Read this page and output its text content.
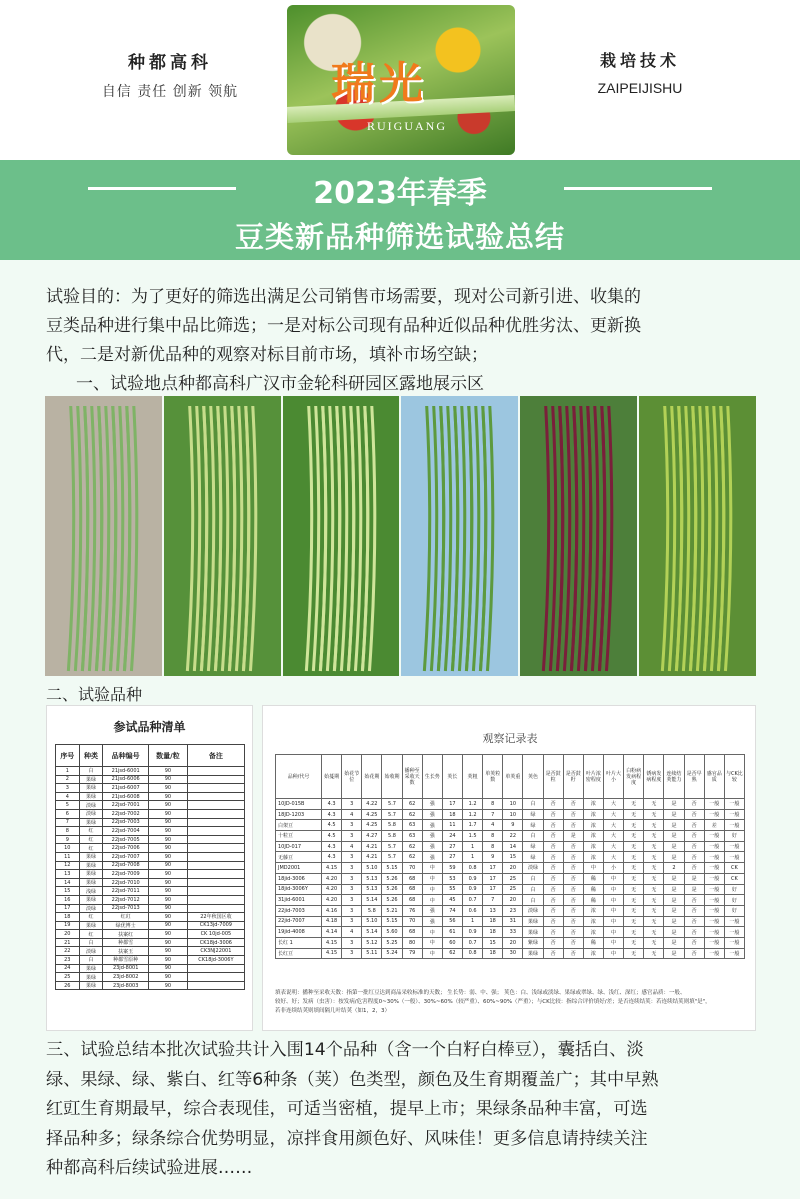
种都高科
自信 责任 创新 领航	瑞光
RUIGUANG
栽培技术
ZAIPEIJISHU
2023年春季
豆类新品种筛选试验总结
试验目的：为了更好的筛选出满足公司销售市场需要，现对公司新引进、收集的
豆类品种进行集中品比筛选；一是对标公司现有品种近似品种优胜劣汰、更新换
代，二是对新优品种的观察对标目前市场，填补市场空缺；
一、试验地点种都高科广汉市金轮科研园区露地展示区
二、试验品种
参试品种清单
序号	种类	品种编号	数量/粒	备注
1	白	21jsd-6001	90	
2	果绿	21jsd-6006	90	
3	果绿	21jsd-6007	90	
4	果绿	21jsd-6008	90	
5	淡绿	22jsd-7001	90	
6	淡绿	22jsd-7002	90	
7	果绿	22jsd-7003	90	
8	红	22jsd-7004	90	
9	红	22jsd-7005	90	
10	红	22jsd-7006	90	
11	果绿	22jsd-7007	90	
12	果绿	22jsd-7008	90	
13	果绿	22jsd-7009	90	
14	果绿	22jsd-7010	90	
15	浅绿	22jsd-7011	90	
16	果绿	22jsd-7012	90	
17	淡绿	22jsd-7013	90	
18	红	红豇	90	22年秋国区收
19	果绿	绿优博士	90	CK13jd-7009
20	红	扶案红	90	CK 10jd-005
21	白	种都雪	90	CK18jd-3006
22	淡绿	扶案玉	90	CK3NJ22001
23	白	种都雪原种	90	CK18jd-3006Y
24	果绿	23jd-8001	90	
25	果绿	23jd-8002	90	
26	果绿	23jd-8003	90	
观察记录表
品种/代号	始蔓期	始花节位	始花期	始收期	播种至采收天数	生长势	荚长	荚粗	单荚粒数	单荚重	荚色	是否鼓粒	是否鼓籽	叶片浓密程度	叶片大小	白粉病发病程度	锈病发病程度	连续结荚能力	是否早熟	感官品质	与CK比较
10JD-015B	4.3	3	4.22	5.7	62	强	17	1.2	8	10	白	否	否	浓	大	无	无	是	否	一般	一般
18JD-1203	4.3	4	4.25	5.7	62	强	18	1.2	7	10	绿	否	否	浓	大	无	无	是	否	一般	一般
白架豆	4.5	3	4.25	5.8	63	强	11	1.7	4	9	绿	否	否	浓	大	无	无	是	否	差	一般
十粒豆	4.5	3	4.27	5.8	63	强	24	1.5	8	22	白	否	是	浓	大	无	无	是	否	一般	好
10JD-017	4.3	4	4.21	5.7	62	强	27	1	8	14	绿	否	否	浓	大	无	无	是	否	一般	一般
无藤豆	4.3	3	4.21	5.7	62	强	27	1	9	15	绿	否	否	浓	大	无	无	是	否	一般	一般
JMD2001	4.15	3	5.10	5.15	70	中	59	0.8	17	20	淡绿	否	否	中	小	无	无	2	否	一般	CK
18jid-3006	4.20	3	5.13	5.26	68	中	53	0.9	17	25	白	否	否	稀	中	无	无	是	是	一般	CK
18jid-3006Y	4.20	3	5.13	5.26	68	中	55	0.9	17	25	白	否	否	稀	中	无	无	是	是	一般	好
31jid-6001	4.20	3	5.14	5.26	68	中	45	0.7	7	20	白	否	否	稀	中	无	无	是	否	一般	好
22jid-7003	4.16	3	5.8	5.21	76	强	74	0.6	13	23	淡绿	否	否	浓	中	无	无	是	否	一般	好
22jid-7007	4.18	3	5.10	5.15	70	强	56	1	18	31	果绿	否	否	浓	中	无	无	是	否	一般	一般
19jid-4008	4.14	4	5.14	5.60	68	中	61	0.9	18	33	果绿	否	否	浓	中	无	无	是	否	一般	一般
长红 1	4.15	3	5.12	5.25	80	中	60	0.7	15	20	紫绿	否	否	稀	中	无	无	是	否	一般	一般
长红豆	4.15	3	5.11	5.24	79	中	62	0.8	18	30	果绿	否	否	浓	中	无	无	是	否	一般	一般
填表说明：播种至采收天数：指第一批红豆达到商品采收标准的天数； 生长势：弱、中、强； 荚色：白、浅绿或淡绿、果绿或翠绿、绿、浅红、深红；感官品质：一般、
较好、好；发病（虫害）：按发病/危害程度0~30%（一般）、30%~60%（较严重）、60%~90%（严重）；与CK比较：指综合评价填好/差；是否连续结荚：若连续结荚则填"是"，
若非连续结荚则填间隔几叶结荚（如1，2，3）
三、试验总结本批次试验共计入围14个品种（含一个白籽白棒豆），囊括白、淡
绿、果绿、绿、紫白、红等6种条（荚）色类型，颜色及生育期覆盖广；其中早熟
红豇生育期最早，综合表现佳，可适当密植，提早上市；果绿条品种丰富，可选
择品种多；绿条综合优势明显，凉拌食用颜色好、风味佳！更多信息请持续关注
种都高科后续试验进展……
